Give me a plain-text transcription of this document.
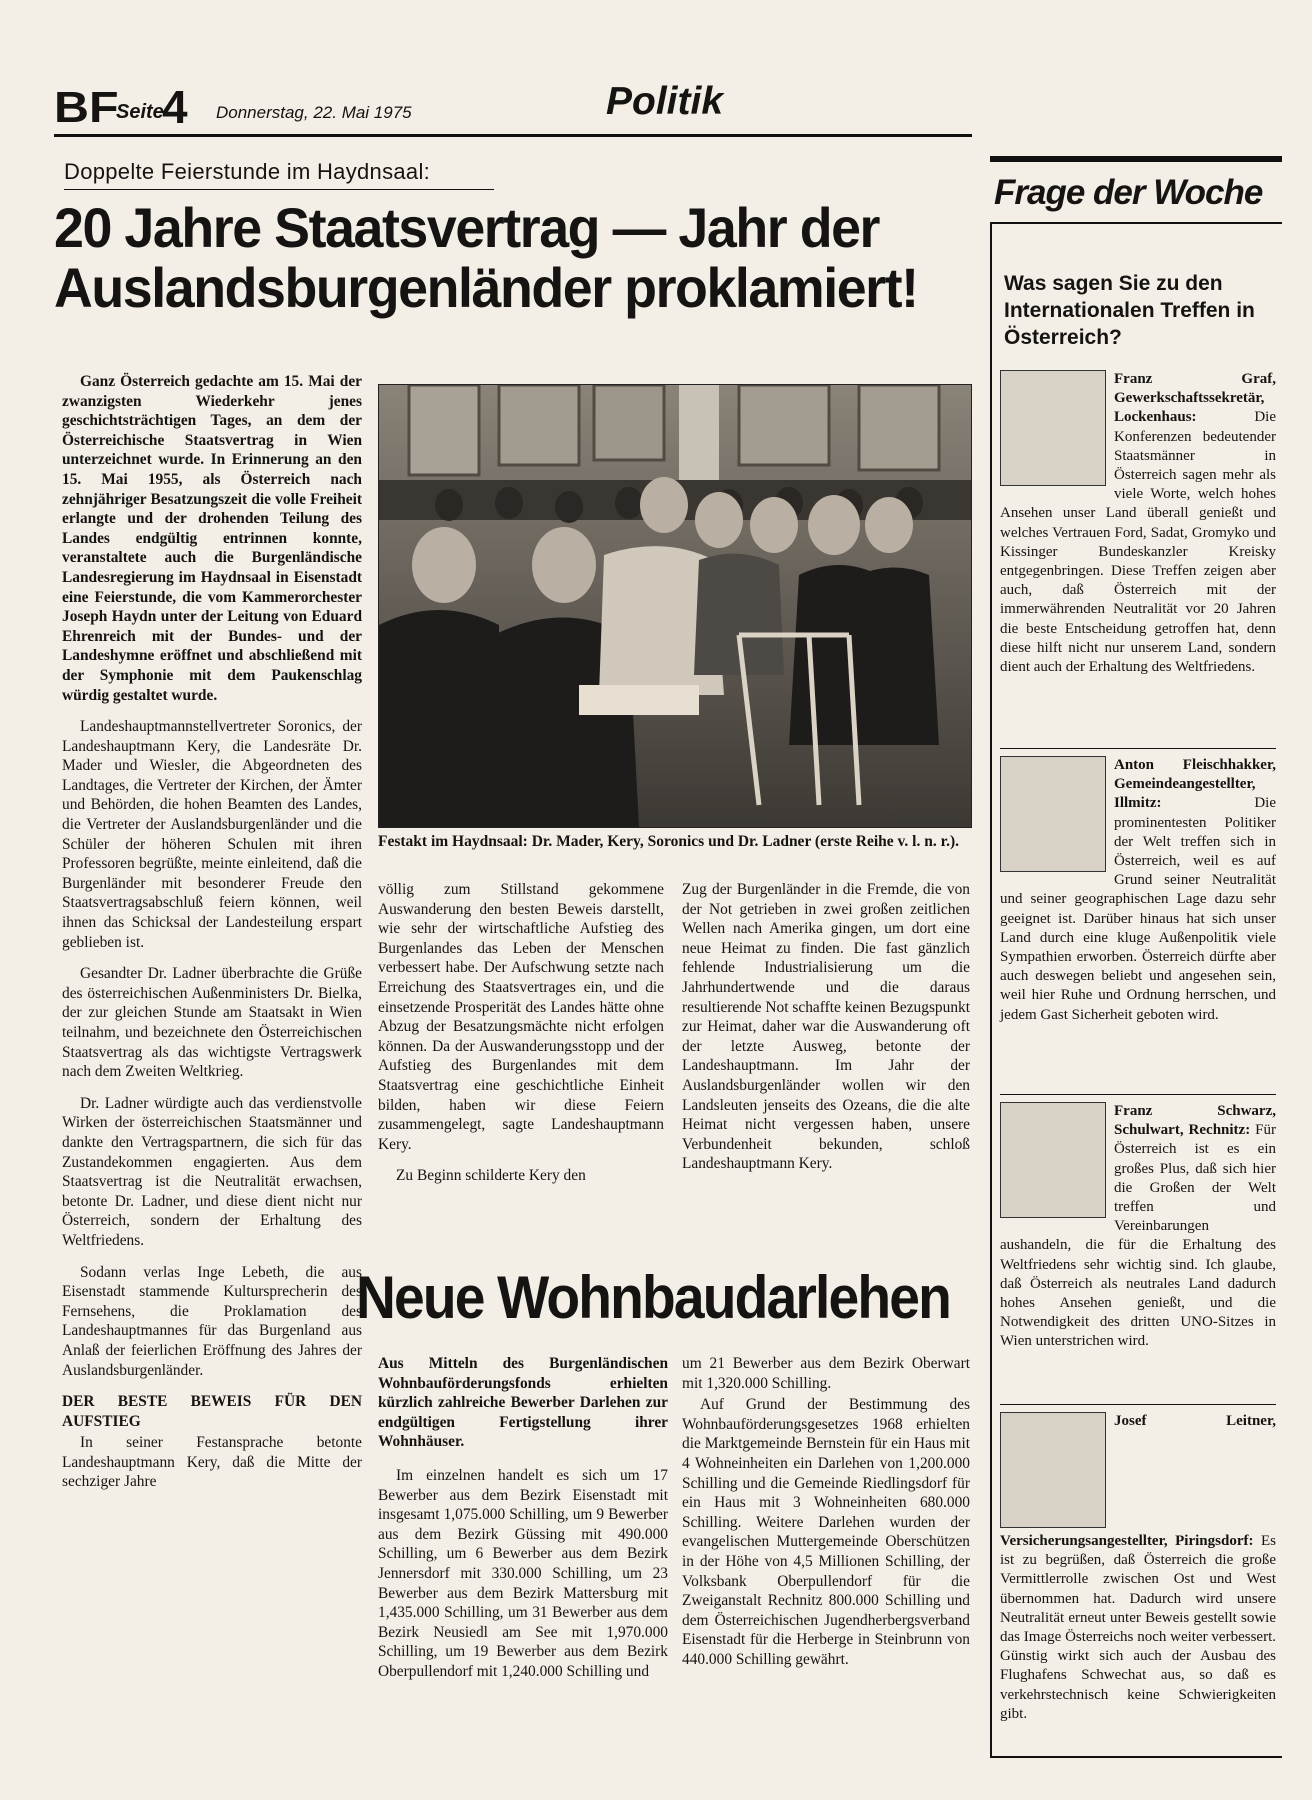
BF
Seite
4 Donnerstag, 22. Mai 1975	Politik
Doppelte Feierstunde im Haydnsaal:
20 Jahre Staatsvertrag — Jahr der Auslandsburgenländer proklamiert!

Ganz Österreich gedachte am 15. Mai der zwanzigsten Wiederkehr jenes geschichtsträchtigen Tages, an dem der Österreichische Staatsvertrag in Wien unterzeichnet wurde. In Erinnerung an den 15. Mai 1955, als Österreich nach zehnjähriger Besatzungszeit die volle Freiheit erlangte und der drohenden Teilung des Landes endgültig entrinnen konnte, veranstaltete auch die Burgenländische Landesregierung im Haydnsaal in Eisenstadt eine Feierstunde, die vom Kammerorchester Joseph Haydn unter der Leitung von Eduard Ehrenreich mit der Bundes- und der Landeshymne eröffnet und abschließend mit der Symphonie mit dem Paukenschlag würdig gestaltet wurde.

Landeshauptmannstellvertreter Soronics, der Landeshauptmann Kery, die Landesräte Dr. Mader und Wiesler, die Abgeordneten des Landtages, die Vertreter der Kirchen, der Ämter und Behörden, die hohen Beamten des Landes, die Vertreter der Auslandsburgenländer und die Schüler der höheren Schulen mit ihren Professoren begrüßte, meinte einleitend, daß die Burgenländer mit besonderer Freude den Staatsvertragsabschluß feiern können, weil ihnen das Schicksal der Landesteilung erspart geblieben ist.

Gesandter Dr. Ladner überbrachte die Grüße des österreichischen Außenministers Dr. Bielka, der zur gleichen Stunde am Staatsakt in Wien teilnahm, und bezeichnete den Österreichischen Staatsvertrag als das wichtigste Vertragswerk nach dem Zweiten Weltkrieg.

Dr. Ladner würdigte auch das verdienstvolle Wirken der österreichischen Staatsmänner und dankte den Vertragspartnern, die sich für das Zustandekommen engagierten. Aus dem Staatsvertrag ist die Neutralität erwachsen, betonte Dr. Ladner, und diese dient nicht nur Österreich, sondern der Erhaltung des Weltfriedens.

Sodann verlas Inge Lebeth, die aus Eisenstadt stammende Kultursprecherin des Fernsehens, die Proklamation des Landeshauptmannes für das Burgenland aus Anlaß der feierlichen Eröffnung des Jahres der Auslandsburgenländer.

DER BESTE BEWEIS FÜR DEN AUFSTIEG

In seiner Festansprache betonte Landeshauptmann Kery, daß die Mitte der sechziger Jahre

Festakt im Haydnsaal: Dr. Mader, Kery, Soronics und Dr. Ladner (erste Reihe v. l. n. r.).

völlig zum Stillstand gekommene Auswanderung den besten Beweis darstellt, wie sehr der wirtschaftliche Aufstieg des Burgenlandes das Leben der Menschen verbessert habe. Der Aufschwung setzte nach Erreichung des Staatsvertrages ein, und die einsetzende Prosperität des Landes hätte ohne Abzug der Besatzungsmächte nicht erfolgen können. Da der Auswanderungsstopp und der Aufstieg des Burgenlandes mit dem Staatsvertrag eine geschichtliche Einheit bilden, haben wir diese Feiern zusammengelegt, sagte Landeshauptmann Kery.

Zu Beginn schilderte Kery den

Zug der Burgenländer in die Fremde, die von der Not getrieben in zwei großen zeitlichen Wellen nach Amerika gingen, um dort eine neue Heimat zu finden. Die fast gänzlich fehlende Industrialisierung um die Jahrhundertwende und die daraus resultierende Not schaffte keinen Bezugspunkt zur Heimat, daher war die Auswanderung oft der letzte Ausweg, betonte der Landeshauptmann. Im Jahr der Auslandsburgenländer wollen wir den Landsleuten jenseits des Ozeans, die die alte Heimat nicht vergessen haben, unsere Verbundenheit bekunden, schloß Landeshauptmann Kery.

Neue Wohnbaudarlehen
Aus Mitteln des Burgenländischen Wohnbauförderungsfonds erhielten kürzlich zahlreiche Bewerber Darlehen zur endgültigen Fertigstellung ihrer Wohnhäuser.

Im einzelnen handelt es sich um 17 Bewerber aus dem Bezirk Eisenstadt mit insgesamt 1,075.000 Schilling, um 9 Bewerber aus dem Bezirk Güssing mit 490.000 Schilling, um 6 Bewerber aus dem Bezirk Jennersdorf mit 330.000 Schilling, um 23 Bewerber aus dem Bezirk Mattersburg mit 1,435.000 Schilling, um 31 Bewerber aus dem Bezirk Neusiedl am See mit 1,970.000 Schilling, um 19 Bewerber aus dem Bezirk Oberpullendorf mit 1,240.000 Schilling und

um 21 Bewerber aus dem Bezirk Oberwart mit 1,320.000 Schilling.

Auf Grund der Bestimmung des Wohnbauförderungsgesetzes 1968 erhielten die Marktgemeinde Bernstein für ein Haus mit 4 Wohneinheiten ein Darlehen von 1,200.000 Schilling und die Gemeinde Riedlingsdorf für ein Haus mit 3 Wohneinheiten 680.000 Schilling. Weitere Darlehen wurden der evangelischen Muttergemeinde Oberschützen in der Höhe von 4,5 Millionen Schilling, der Volksbank Oberpullendorf für die Zweiganstalt Rechnitz 800.000 Schilling und dem Österreichischen Jugendherbergsverband Eisenstadt für die Herberge in Steinbrunn von 440.000 Schilling gewährt.

Frage der Woche
Was sagen Sie zu den Internationalen Treffen in Österreich?
Franz Graf, Gewerkschaftssekretär, Lockenhaus:	Die Konferenzen bedeutender Staatsmänner in Österreich sagen mehr als viele Worte, welch hohes Ansehen unser Land überall genießt und welches Vertrauen Ford, Sadat, Gromyko und Kissinger Bundeskanzler Kreisky entgegenbringen. Diese Treffen zeigen aber auch, daß Österreich mit der immerwährenden Neutralität vor 20 Jahren die beste Entscheidung getroffen hat, denn diese hilft nicht nur unserem Land, sondern dient auch der Erhaltung des Weltfriedens.
Anton Fleischhakker, Gemeindeangestellter, Illmitz:	Die prominentesten Politiker der Welt treffen sich in Österreich, weil es auf Grund seiner Neutralität und seiner geographischen Lage dazu sehr geeignet ist. Darüber hinaus hat sich unser Land durch eine kluge Außenpolitik viele Sympathien erworben. Österreich dürfte aber auch deswegen beliebt und angesehen sein, weil hier Ruhe und Ordnung herrschen, und jedem Gast Sicherheit geboten wird.
Franz Schwarz, Schulwart, Rechnitz: Für Österreich ist es ein großes Plus, daß sich hier die Großen der Welt treffen und Vereinbarungen aushandeln, die für die Erhaltung des Weltfriedens sehr wichtig sind. Ich glaube, daß Österreich als neutrales Land dadurch hohes Ansehen genießt, und die Notwendigkeit des dritten UNO-Sitzes in Wien unterstrichen wird.
Josef Leitner, Versicherungsangestellter, Piringsdorf: Es ist zu begrüßen, daß Österreich die große Vermittlerrolle zwischen Ost und West übernommen hat. Dadurch wird unsere Neutralität erneut unter Beweis gestellt sowie das Image Österreichs noch weiter verbessert. Günstig wirkt sich auch der Ausbau des Flughafens Schwechat aus, so daß es verkehrstechnisch keine Schwierigkeiten gibt.
